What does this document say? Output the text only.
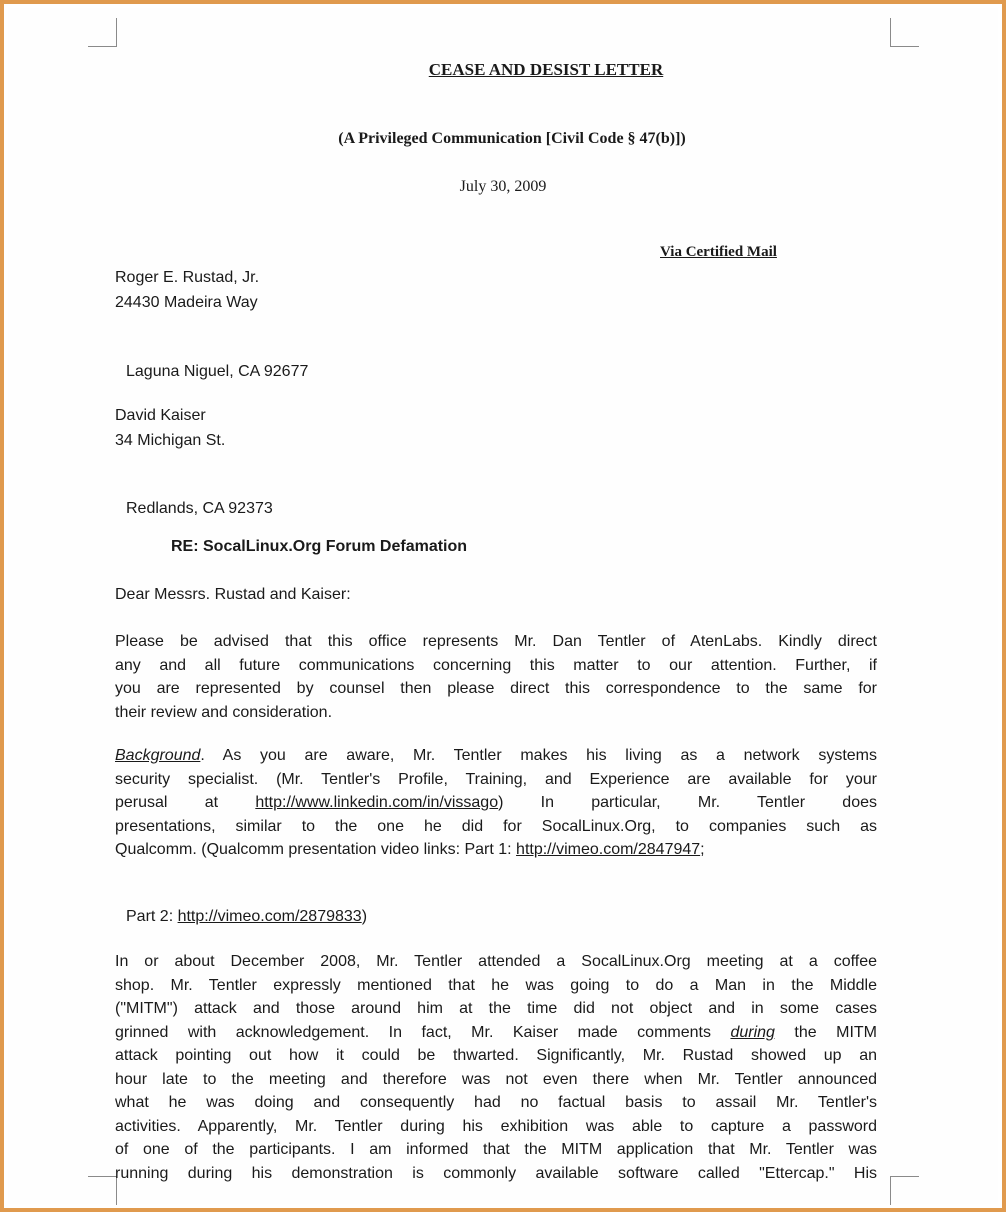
CEASE AND DESIST LETTER
(A Privileged Communication [Civil Code § 47(b)])
July 30, 2009
Via Certified Mail
Roger E. Rustad, Jr.
24430 Madeira Way
Laguna Niguel, CA 92677
David Kaiser
34 Michigan St.
Redlands, CA 92373
RE: SocalLinux.Org Forum Defamation
Dear Messrs. Rustad and Kaiser:
Please be advised that this office represents Mr. Dan Tentler of AtenLabs. Kindly direct
any and all future communications concerning this matter to our attention. Further, if
you are represented by counsel then please direct this correspondence to the same for
their review and consideration.
Background. As you are aware, Mr. Tentler makes his living as a network systems
security specialist. (Mr. Tentler's Profile, Training, and Experience are available for your
perusal at http://www.linkedin.com/in/vissago) In particular, Mr. Tentler does
presentations, similar to the one he did for SocalLinux.Org, to companies such as
Qualcomm. (Qualcomm presentation video links: Part 1: http://vimeo.com/2847947;
Part 2: http://vimeo.com/2879833)
In or about December 2008, Mr. Tentler attended a SocalLinux.Org meeting at a coffee
shop. Mr. Tentler expressly mentioned that he was going to do a Man in the Middle
("MITM") attack and those around him at the time did not object and in some cases
grinned with acknowledgement. In fact, Mr. Kaiser made comments during the MITM
attack pointing out how it could be thwarted. Significantly, Mr. Rustad showed up an
hour late to the meeting and therefore was not even there when Mr. Tentler announced
what he was doing and consequently had no factual basis to assail Mr. Tentler's
activities. Apparently, Mr. Tentler during his exhibition was able to capture a password
of one of the participants. I am informed that the MITM application that Mr. Tentler was
running during his demonstration is commonly available software called "Ettercap." His
